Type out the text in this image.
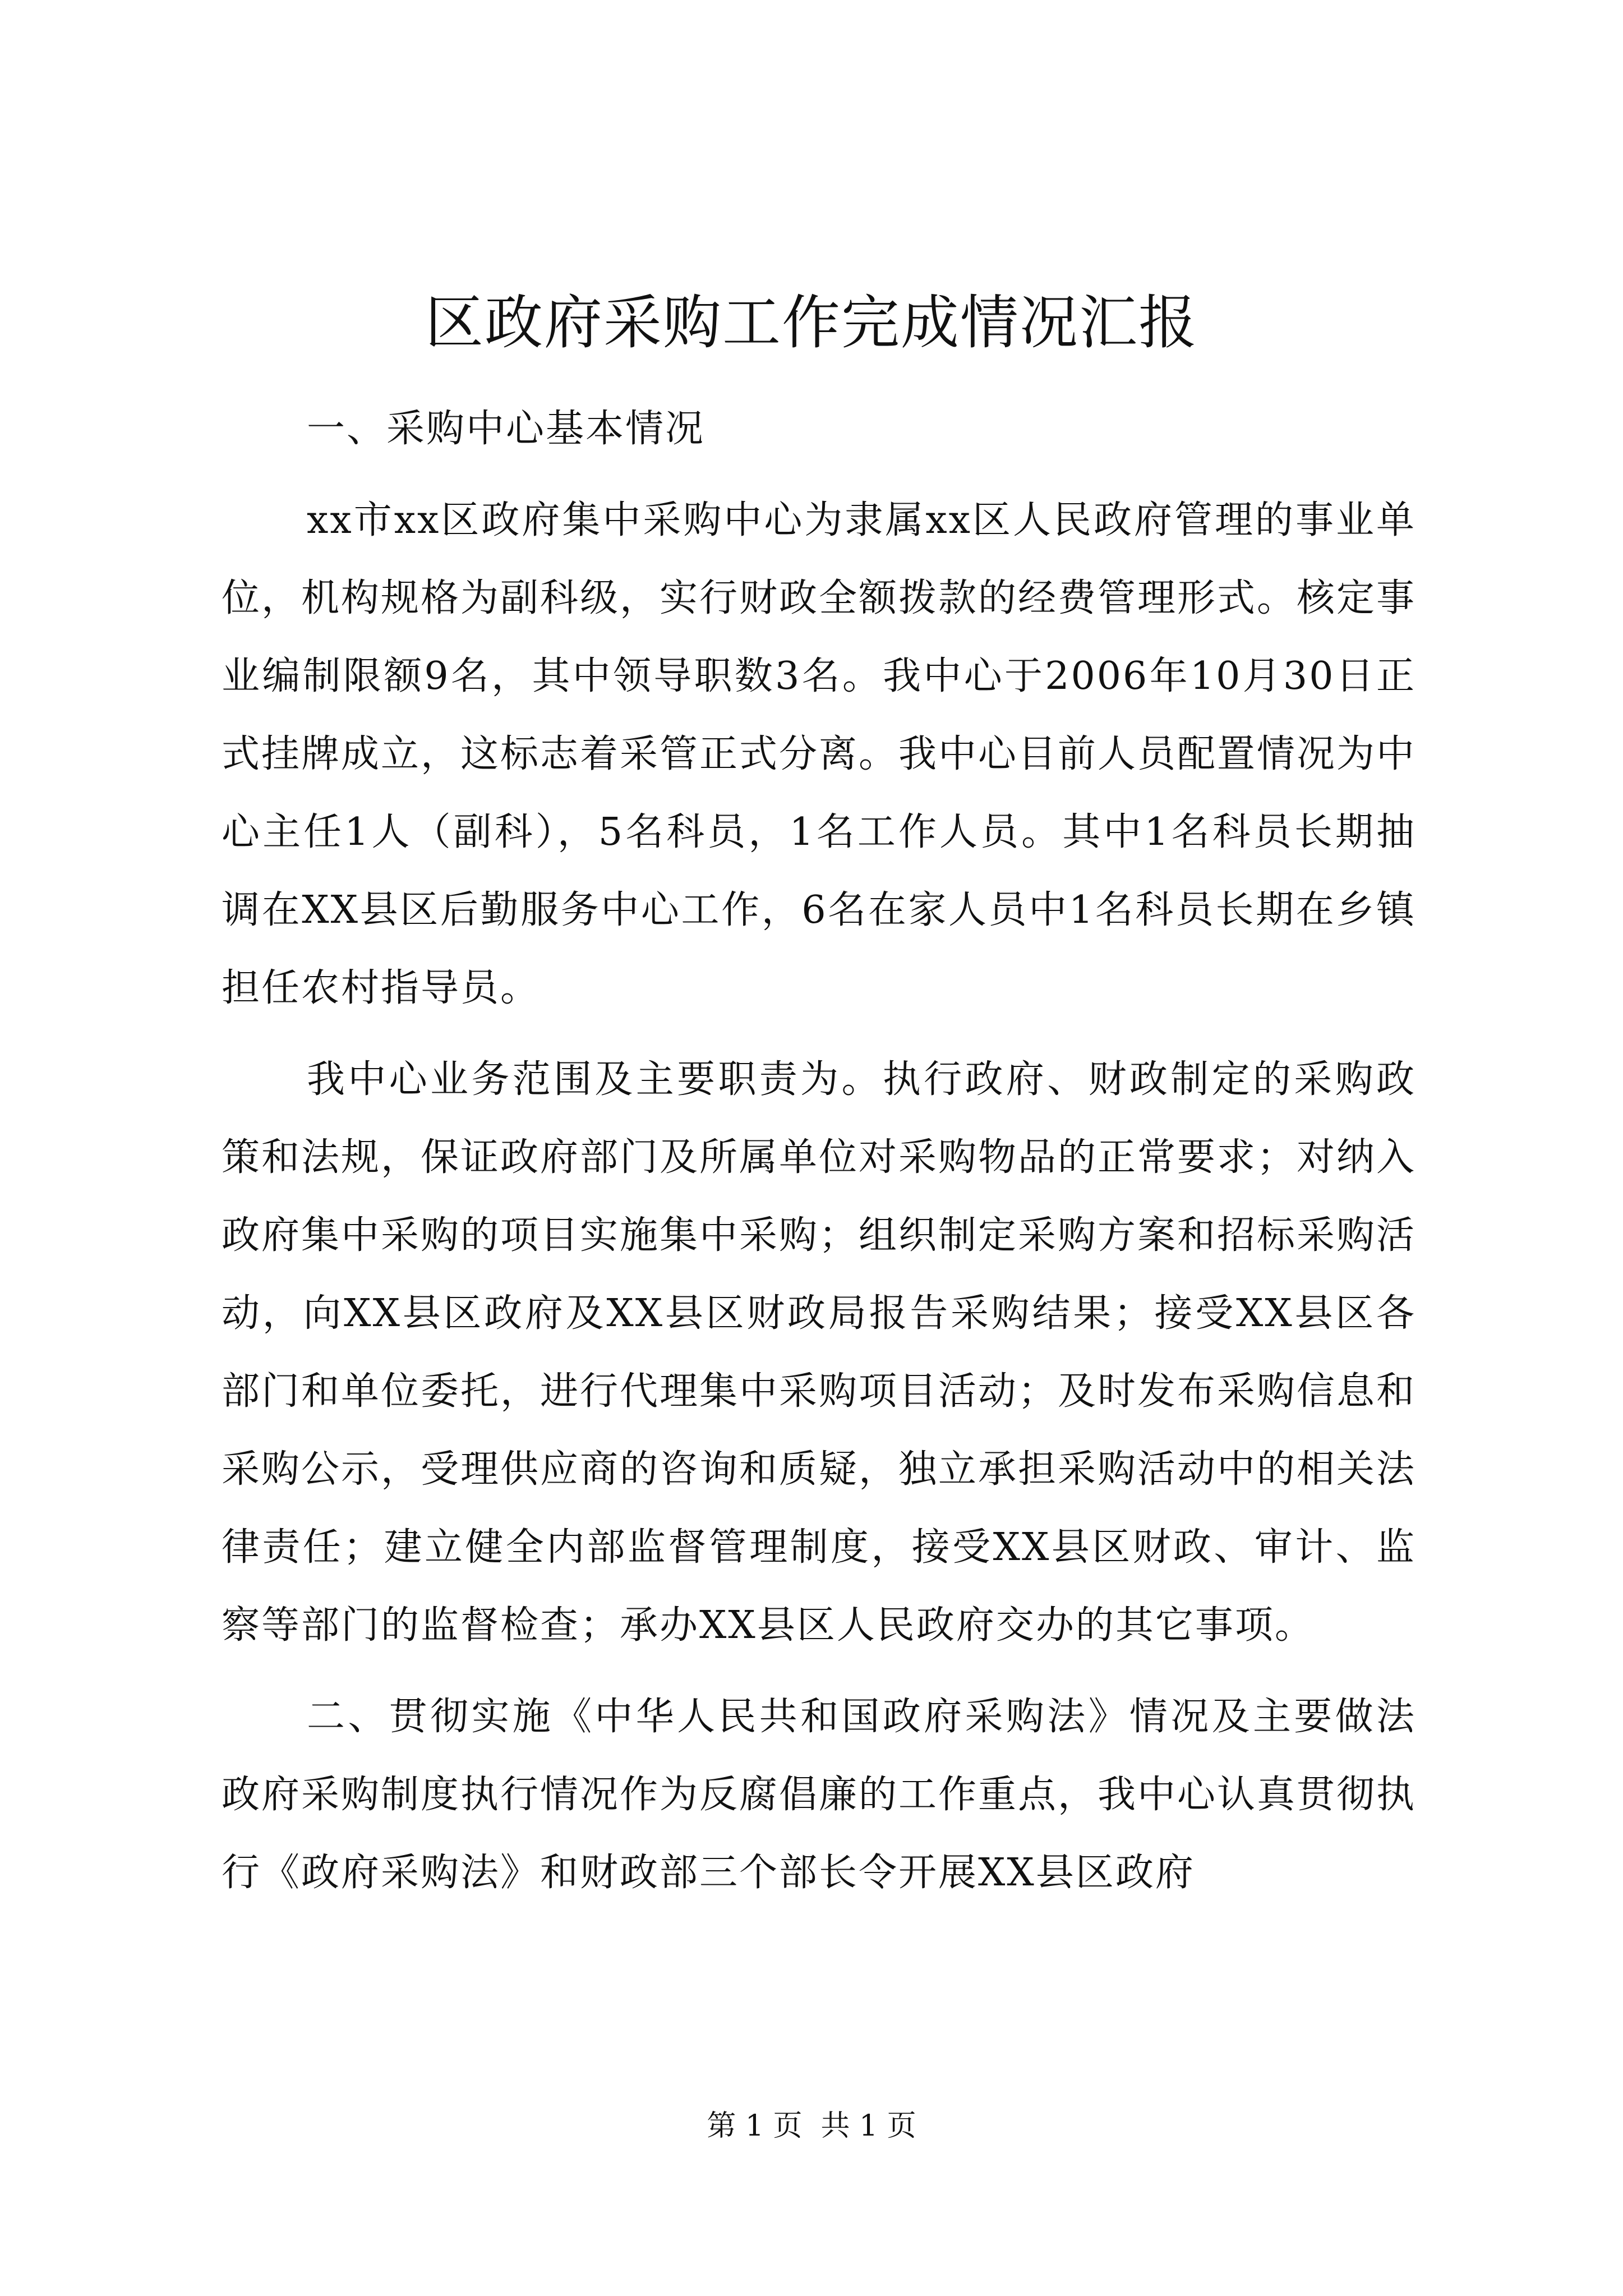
区政府采购工作完成情况汇报

一、采购中心基本情况

xx市xx区政府集中采购中心为隶属xx区人民政府管理的事业单位，机构规格为副科级，实行财政全额拨款的经费管理形式。核定事业编制限额9名，其中领导职数3名。我中心于2006年10月30日正式挂牌成立，这标志着采管正式分离。我中心目前人员配置情况为中心主任1人（副科），5名科员，1名工作人员。其中1名科员长期抽调在XX县区后勤服务中心工作，6名在家人员中1名科员长期在乡镇担任农村指导员。

我中心业务范围及主要职责为。执行政府、财政制定的采购政策和法规，保证政府部门及所属单位对采购物品的正常要求；对纳入政府集中采购的项目实施集中采购；组织制定采购方案和招标采购活动，向XX县区政府及XX县区财政局报告采购结果；接受XX县区各部门和单位委托，进行代理集中采购项目活动；及时发布采购信息和采购公示，受理供应商的咨询和质疑，独立承担采购活动中的相关法律责任；建立健全内部监督管理制度，接受XX县区财政、审计、监察等部门的监督检查；承办XX县区人民政府交办的其它事项。

二、贯彻实施《中华人民共和国政府采购法》情况及主要做法政府采购制度执行情况作为反腐倡廉的工作重点，我中心认真贯彻执行《政府采购法》和财政部三个部长令开展XX县区政府

第 1 页  共 1 页
